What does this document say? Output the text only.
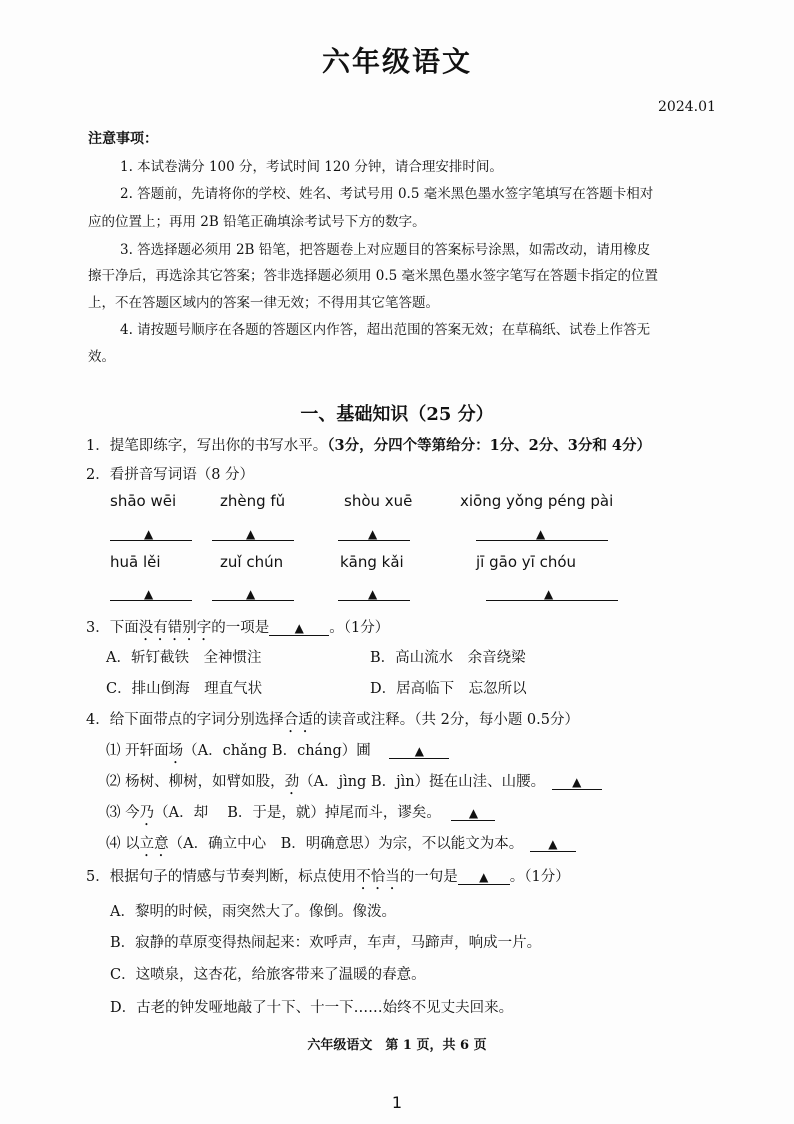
六年级语文
2024.01
注意事项：
1. 本试卷满分 100 分，考试时间 120 分钟，请合理安排时间。
2. 答题前，先请将你的学校、姓名、考试号用 0.5 毫米黑色墨水签字笔填写在答题卡相对
应的位置上；再用 2B 铅笔正确填涂考试号下方的数字。
3. 答选择题必须用 2B 铅笔，把答题卷上对应题目的答案标号涂黑，如需改动，请用橡皮
擦干净后，再选涂其它答案；答非选择题必须用 0.5 毫米黑色墨水签字笔写在答题卡指定的位置
上，不在答题区域内的答案一律无效；不得用其它笔答题。
4. 请按题号顺序在各题的答题区内作答，超出范围的答案无效；在草稿纸、试卷上作答无
效。
一、基础知识（25 分）
1．提笔即练字，写出你的书写水平。（3分，分四个等第给分：1分、2分、3分和 4分）
2．看拼音写词语（8 分）
shāo wēi	zhèng fǔ	shòu xuē	xiōng yǒng péng pài
▲	▲	▲	▲
huā lěi	zuǐ chún	kāng kǎi	jī gāo yī chóu
▲	▲	▲	▲
3．下面没有错别字的一项是 ▲ 。（1分）
A．斩钉截铁　全神惯注	B．高山流水　余音绕梁
C．排山倒海　理直气状	D．居高临下　忘忽所以
4．给下面带点的字词分别选择合适的读音或注释。（共 2分，每小题 0.5分）
⑴ 开轩面场（A．chǎng B．cháng）圃	▲
⑵ 杨树、柳树，如臂如股，劲（A．jìng B．jìn）挺在山洼、山腰。 ▲
⑶ 今乃（A．却　 B．于是，就）掉尾而斗，谬矣。 ▲
⑷ 以立意（A．确立中心　B．明确意思）为宗，不以能文为本。 ▲
5．根据句子的情感与节奏判断，标点使用不恰当的一句是 ▲ 。（1分）
A．黎明的时候，雨突然大了。像倒。像泼。
B．寂静的草原变得热闹起来：欢呼声，车声，马蹄声，响成一片。
C．这喷泉，这杏花，给旅客带来了温暖的春意。
D．古老的钟发哑地敲了十下、十一下……始终不见丈夫回来。
六年级语文　第 1 页，共 6 页
1
